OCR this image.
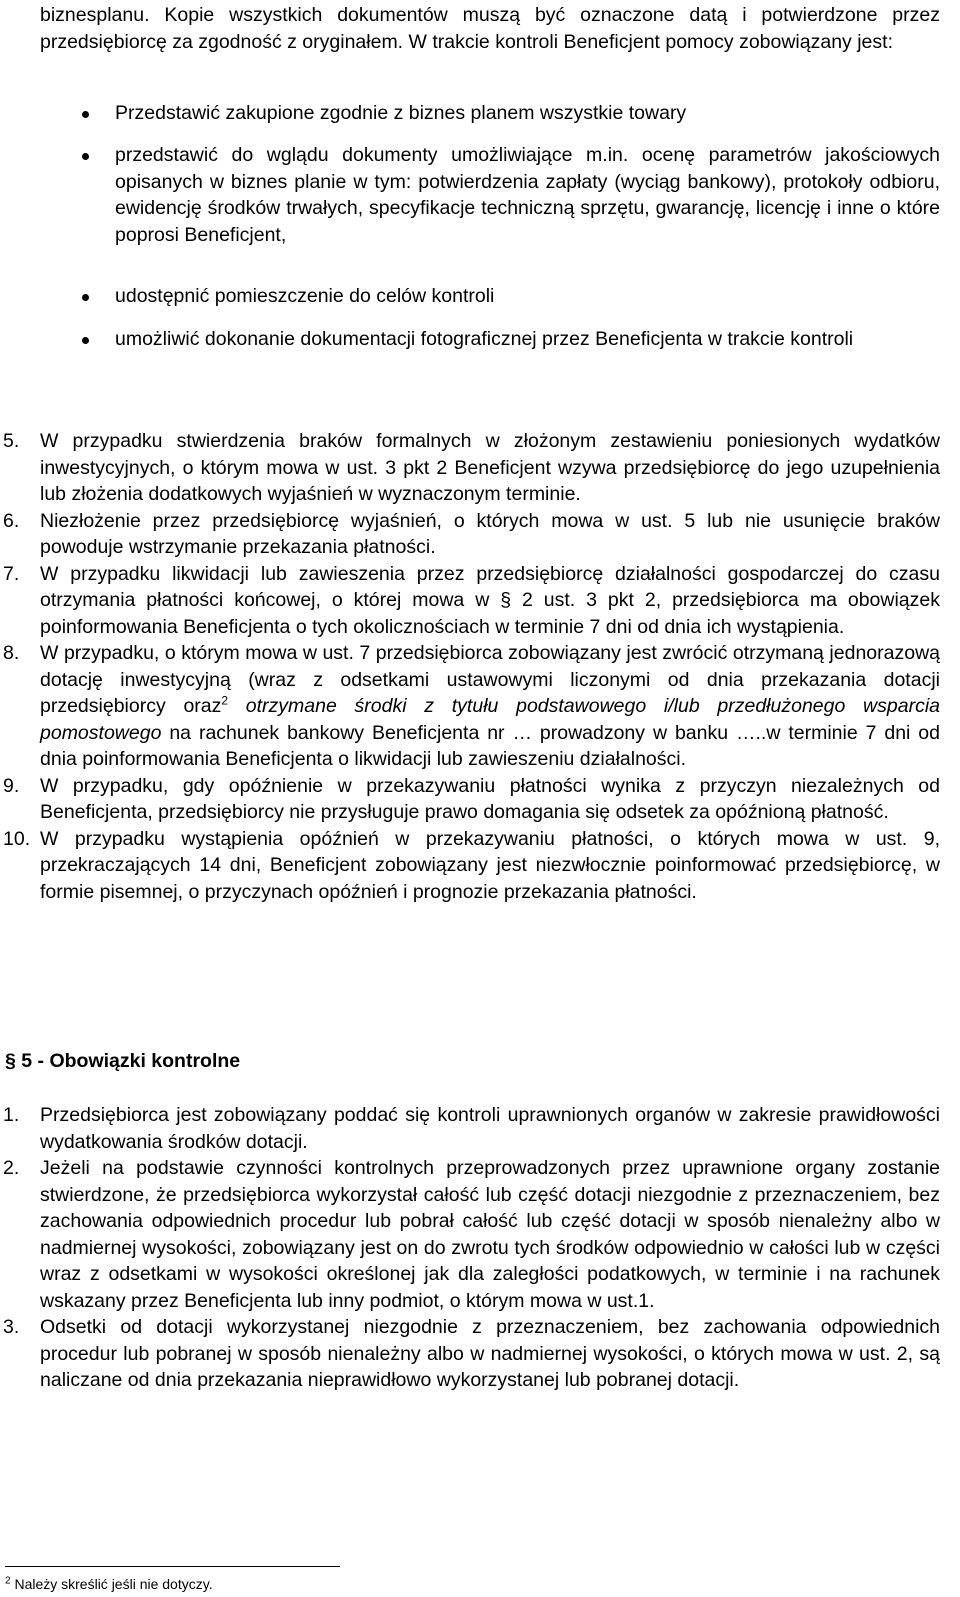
biznesplanu. Kopie wszystkich dokumentów muszą być oznaczone datą i potwierdzone przez przedsiębiorcę za zgodność z oryginałem. W trakcie kontroli Beneficjent pomocy zobowiązany jest:

Przedstawić zakupione zgodnie z biznes planem wszystkie towary

przedstawić do wglądu dokumenty umożliwiające m.in. ocenę parametrów jakościowych opisanych w biznes planie w tym: potwierdzenia zapłaty (wyciąg bankowy), protokoły odbioru, ewidencję środków trwałych, specyfikacje techniczną sprzętu, gwarancję, licencję i inne o które poprosi Beneficjent,

udostępnić pomieszczenie do celów kontroli

umożliwić dokonanie dokumentacji fotograficznej przez Beneficjenta w trakcie kontroli

5. W przypadku stwierdzenia braków formalnych w złożonym zestawieniu poniesionych wydatków inwestycyjnych, o którym mowa w ust. 3 pkt 2 Beneficjent wzywa przedsiębiorcę do jego uzupełnienia lub złożenia dodatkowych wyjaśnień w wyznaczonym terminie.

6. Niezłożenie przez przedsiębiorcę wyjaśnień, o których mowa w ust. 5 lub nie usunięcie braków powoduje wstrzymanie przekazania płatności.

7. W przypadku likwidacji lub zawieszenia przez przedsiębiorcę działalności gospodarczej do czasu otrzymania płatności końcowej, o której mowa w § 2 ust. 3 pkt 2, przedsiębiorca ma obowiązek poinformowania Beneficjenta o tych okolicznościach w terminie 7 dni od dnia ich wystąpienia.

8. W przypadku, o którym mowa w ust. 7 przedsiębiorca zobowiązany jest zwrócić otrzymaną jednorazową dotację inwestycyjną (wraz z odsetkami ustawowymi liczonymi od dnia przekazania dotacji przedsiębiorcy oraz$^2$ otrzymane środki z tytułu podstawowego i/lub przedłużonego wsparcia pomostowego na rachunek bankowy Beneficjenta nr … prowadzony w banku …..w terminie 7 dni od dnia poinformowania Beneficjenta o likwidacji lub zawieszeniu działalności.

9. W przypadku, gdy opóźnienie w przekazywaniu płatności wynika z przyczyn niezależnych od Beneficjenta, przedsiębiorcy nie przysługuje prawo domagania się odsetek za opóźnioną płatność.

10. W przypadku wystąpienia opóźnień w przekazywaniu płatności, o których mowa w ust. 9, przekraczających 14 dni, Beneficjent zobowiązany jest niezwłocznie poinformować przedsiębiorcę, w formie pisemnej, o przyczynach opóźnień i prognozie przekazania płatności.

§ 5 - Obowiązki kontrolne
1. Przedsiębiorca jest zobowiązany poddać się kontroli uprawnionych organów w zakresie prawidłowości wydatkowania środków dotacji.

2. Jeżeli na podstawie czynności kontrolnych przeprowadzonych przez uprawnione organy zostanie stwierdzone, że przedsiębiorca wykorzystał całość lub część dotacji niezgodnie z przeznaczeniem, bez zachowania odpowiednich procedur lub pobrał całość lub część dotacji w sposób nienależny albo w nadmiernej wysokości, zobowiązany jest on do zwrotu tych środków odpowiednio w całości lub w części wraz z odsetkami w wysokości określonej jak dla zaległości podatkowych, w terminie i na rachunek wskazany przez Beneficjenta lub inny podmiot, o którym mowa w ust.1.

3. Odsetki od dotacji wykorzystanej niezgodnie z przeznaczeniem, bez zachowania odpowiednich procedur lub pobranej w sposób nienależny albo w nadmiernej wysokości, o których mowa w ust. 2, są naliczane od dnia przekazania nieprawidłowo wykorzystanej lub pobranej dotacji.

$^2$ Należy skreślić jeśli nie dotyczy.
